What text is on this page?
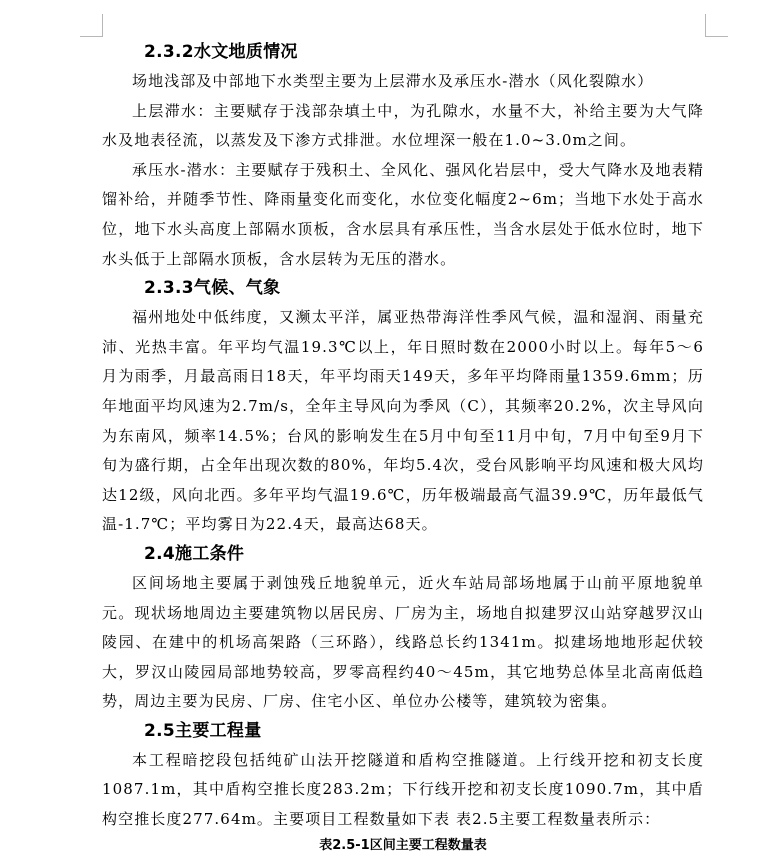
2.3.2水文地质情况

场地浅部及中部地下水类型主要为上层滞水及承压水-潜水（风化裂隙水）

上层滞水：主要赋存于浅部杂填土中，为孔隙水，水量不大，补给主要为大气降水及地表径流，以蒸发及下渗方式排泄。水位埋深一般在1.0~3.0m之间。

承压水-潜水：主要赋存于残积土、全风化、强风化岩层中，受大气降水及地表精馏补给，并随季节性、降雨量变化而变化，水位变化幅度2~6m；当地下水处于高水位，地下水头高度上部隔水顶板，含水层具有承压性，当含水层处于低水位时，地下水头低于上部隔水顶板，含水层转为无压的潜水。

2.3.3气候、气象

福州地处中低纬度，又濒太平洋，属亚热带海洋性季风气候，温和湿润、雨量充沛、光热丰富。年平均气温19.3℃以上，年日照时数在2000小时以上。每年5～6月为雨季，月最高雨日18天，年平均雨天149天，多年平均降雨量1359.6mm；历年地面平均风速为2.7m/s，全年主导风向为季风（C），其频率20.2%，次主导风向为东南风，频率14.5%；台风的影响发生在5月中旬至11月中旬，7月中旬至9月下旬为盛行期，占全年出现次数的80%，年均5.4次，受台风影响平均风速和极大风均达12级，风向北西。多年平均气温19.6℃，历年极端最高气温39.9℃，历年最低气温-1.7℃；平均雾日为22.4天，最高达68天。

2.4施工条件

区间场地主要属于剥蚀残丘地貌单元，近火车站局部场地属于山前平原地貌单元。现状场地周边主要建筑物以居民房、厂房为主，场地自拟建罗汉山站穿越罗汉山陵园、在建中的机场高架路（三环路），线路总长约1341m。拟建场地地形起伏较大，罗汉山陵园局部地势较高，罗零高程约40～45m，其它地势总体呈北高南低趋势，周边主要为民房、厂房、住宅小区、单位办公楼等，建筑较为密集。

2.5主要工程量

本工程暗挖段包括纯矿山法开挖隧道和盾构空推隧道。上行线开挖和初支长度1087.1m，其中盾构空推长度283.2m；下行线开挖和初支长度1090.7m，其中盾构空推长度277.64m。主要项目工程数量如下表 表2.5主要工程数量表所示：

表2.5-1区间主要工程数量表
